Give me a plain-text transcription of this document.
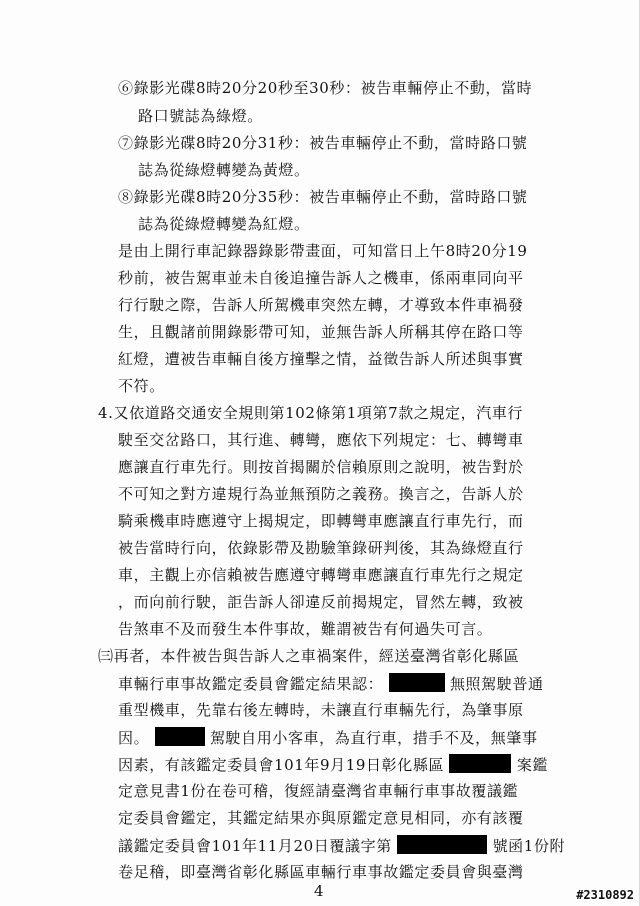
⑥錄影光碟8時20分20秒至30秒：被告車輛停止不動，當時
路口號誌為綠燈。
⑦錄影光碟8時20分31秒：被告車輛停止不動，當時路口號
誌為從綠燈轉變為黃燈。
⑧錄影光碟8時20分35秒：被告車輛停止不動，當時路口號
誌為從綠燈轉變為紅燈。
是由上開行車記錄器錄影帶畫面，可知當日上午8時20分19
秒前，被告駕車並未自後追撞告訴人之機車，係兩車同向平
行行駛之際，告訴人所駕機車突然左轉，才導致本件車禍發
生，且觀諸前開錄影帶可知，並無告訴人所稱其停在路口等
紅燈，遭被告車輛自後方撞擊之情，益徵告訴人所述與事實
不符。
4.又依道路交通安全規則第102條第1項第7款之規定，汽車行
駛至交岔路口，其行進、轉彎，應依下列規定：七、轉彎車
應讓直行車先行。則按首揭關於信賴原則之說明，被告對於
不可知之對方違規行為並無預防之義務。換言之，告訴人於
騎乘機車時應遵守上揭規定，即轉彎車應讓直行車先行，而
被告當時行向，依錄影帶及勘驗筆錄研判後，其為綠燈直行
車，主觀上亦信賴被告應遵守轉彎車應讓直行車先行之規定
，而向前行駛，詎告訴人卻違反前揭規定，冒然左轉，致被
告煞車不及而發生本件事故，難謂被告有何過失可言。
㈢再者，本件被告與告訴人之車禍案件，經送臺灣省彰化縣區
車輛行車事故鑑定委員會鑑定結果認：	無照駕駛普通
重型機車，先靠右後左轉時，未讓直行車輛先行，為肇事原
因。	駕駛自用小客車，為直行車，措手不及，無肇事
因素，有該鑑定委員會101年9月19日彰化縣區	案鑑
定意見書1份在卷可稽，復經請臺灣省車輛行車事故覆議鑑
定委員會鑑定，其鑑定結果亦與原鑑定意見相同，亦有該覆
議鑑定委員會101年11月20日覆議字第	號函1份附
卷足稽，即臺灣省彰化縣區車輛行車事故鑑定委員會與臺灣
4	#2310892
